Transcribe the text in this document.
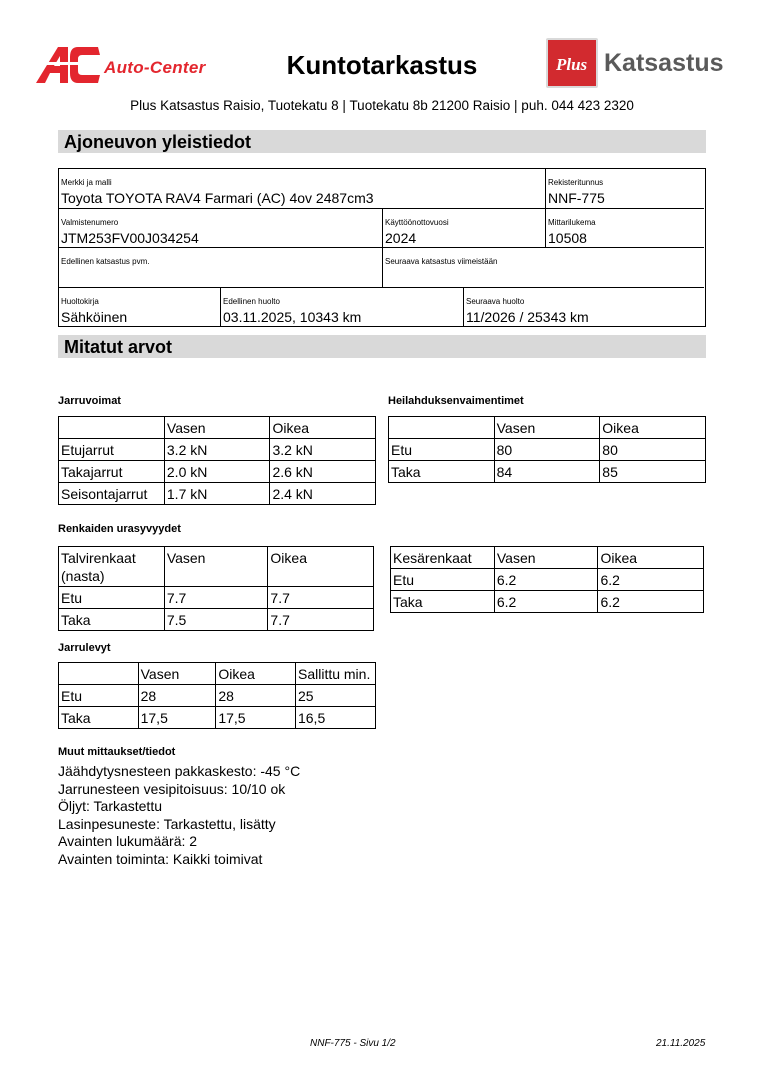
Auto-Center	Kuntotarkastus	Plus Katsastus
Plus Katsastus Raisio, Tuotekatu 8 | Tuotekatu 8b 21200 Raisio | puh. 044 423 2320
Ajoneuvon yleistiedot
Merkki ja malli
Toyota TOYOTA RAV4 Farmari (AC) 4ov 2487cm3
Rekisteritunnus
NNF-775
Valmistenumero
JTM253FV00J034254
Käyttöönottovuosi
2024
Mittarilukema
10508
Edellinen katsastus pvm.	Seuraava katsastus viimeistään
Huoltokirja
Sähköinen
Edellinen huolto
03.11.2025, 10343 km
Seuraava huolto
11/2026 / 25343 km
Mitatut arvot
Jarruvoimat
	Vasen	Oikea
Etujarrut	3.2 kN	3.2 kN
Takajarrut	2.0 kN	2.6 kN
Seisontajarrut	1.7 kN	2.4 kN
Heilahduksenvaimentimet
	Vasen	Oikea
Etu	80	80
Taka	84	85
Renkaiden urasyvyydet
Talvirenkaat (nasta)	Vasen	Oikea
Etu	7.7	7.7
Taka	7.5	7.7
Kesärenkaat	Vasen	Oikea
Etu	6.2	6.2
Taka	6.2	6.2
Jarrulevyt
	Vasen	Oikea	Sallittu min.
Etu	28	28	25
Taka	17,5	17,5	16,5
Muut mittaukset/tiedot
Jäähdytysnesteen pakkaskesto: -45 °C
Jarrunesteen vesipitoisuus: 10/10 ok
Öljyt: Tarkastettu
Lasinpesuneste: Tarkastettu, lisätty
Avainten lukumäärä: 2
Avainten toiminta: Kaikki toimivat
NNF-775 - Sivu 1/2	21.11.2025
